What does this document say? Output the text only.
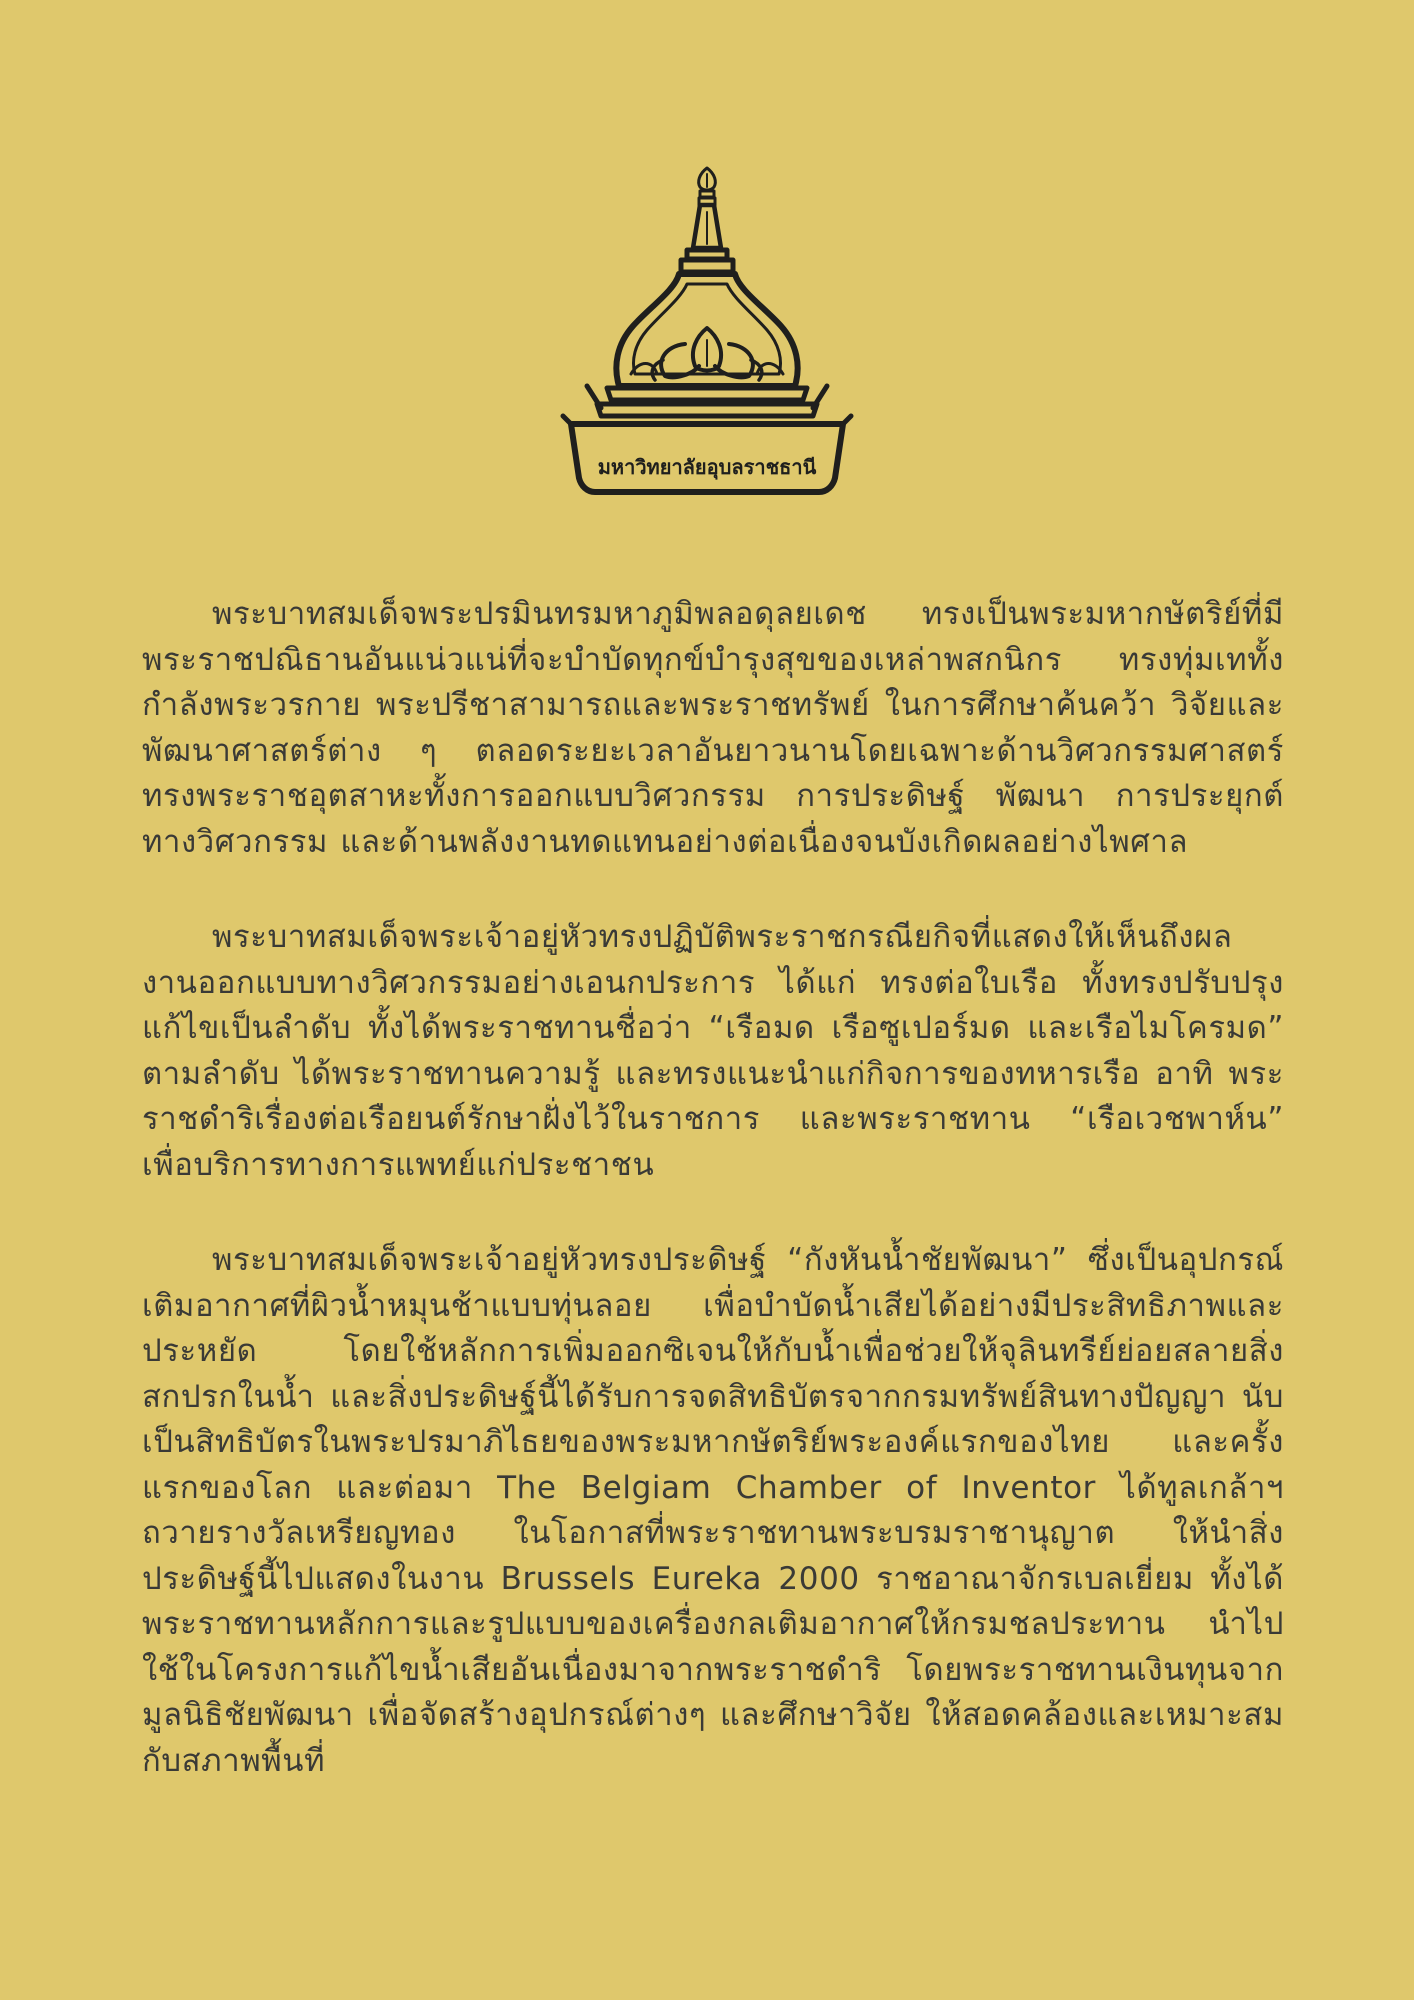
มหาวิทยาลัยอุบลราชธานี

พระบาทสมเด็จพระปรมินทรมหาภูมิพลอดุลยเดช ทรงเป็นพระมหากษัตริย์ที่มีพระราชปณิธานอันแน่วแน่ที่จะบำบัดทุกข์บำรุงสุขของเหล่าพสกนิกร ทรงทุ่มเททั้งกำลังพระวรกาย พระปรีชาสามารถและพระราชทรัพย์ ในการศึกษาค้นคว้า วิจัยและพัฒนาศาสตร์ต่าง ๆ ตลอดระยะเวลาอันยาวนานโดยเฉพาะด้านวิศวกรรมศาสตร์ ทรงพระราชอุตสาหะทั้งการออกแบบวิศวกรรม การประดิษฐ์ พัฒนา การประยุกต์ทางวิศวกรรม และด้านพลังงานทดแทนอย่างต่อเนื่องจนบังเกิดผลอย่างไพศาล

พระบาทสมเด็จพระเจ้าอยู่หัวทรงปฏิบัติพระราชกรณียกิจที่แสดงให้เห็นถึงผลงานออกแบบทางวิศวกรรมอย่างเอนกประการ ได้แก่ ทรงต่อใบเรือ ทั้งทรงปรับปรุงแก้ไขเป็นลำดับ ทั้งได้พระราชทานชื่อว่า “เรือมด เรือซูเปอร์มด และเรือไมโครมด” ตามลำดับ ได้พระราชทานความรู้ และทรงแนะนำแก่กิจการของทหารเรือ อาทิ พระราชดำริเรื่องต่อเรือยนต์รักษาฝั่งไว้ในราชการ และพระราชทาน “เรือเวชพาห์น” เพื่อบริการทางการแพทย์แก่ประชาชน

พระบาทสมเด็จพระเจ้าอยู่หัวทรงประดิษฐ์ “กังหันน้ำชัยพัฒนา” ซึ่งเป็นอุปกรณ์เติมอากาศที่ผิวน้ำหมุนช้าแบบทุ่นลอย เพื่อบำบัดน้ำเสียได้อย่างมีประสิทธิภาพและประหยัด โดยใช้หลักการเพิ่มออกซิเจนให้กับน้ำเพื่อช่วยให้จุลินทรีย์ย่อยสลายสิ่งสกปรกในน้ำ และสิ่งประดิษฐ์นี้ได้รับการจดสิทธิบัตรจากกรมทรัพย์สินทางปัญญา นับเป็นสิทธิบัตรในพระปรมาภิไธยของพระมหากษัตริย์พระองค์แรกของไทย และครั้งแรกของโลก และต่อมา The Belgiam Chamber of Inventor ได้ทูลเกล้าฯ ถวายรางวัลเหรียญทอง ในโอกาสที่พระราชทานพระบรมราชานุญาต ให้นำสิ่งประดิษฐ์นี้ไปแสดงในงาน Brussels Eureka 2000 ราชอาณาจักรเบลเยี่ยม ทั้งได้พระราชทานหลักการและรูปแบบของเครื่องกลเติมอากาศให้กรมชลประทาน นำไปใช้ในโครงการแก้ไขน้ำเสียอันเนื่องมาจากพระราชดำริ โดยพระราชทานเงินทุนจากมูลนิธิชัยพัฒนา เพื่อจัดสร้างอุปกรณ์ต่างๆ และศึกษาวิจัย ให้สอดคล้องและเหมาะสมกับสภาพพื้นที่
